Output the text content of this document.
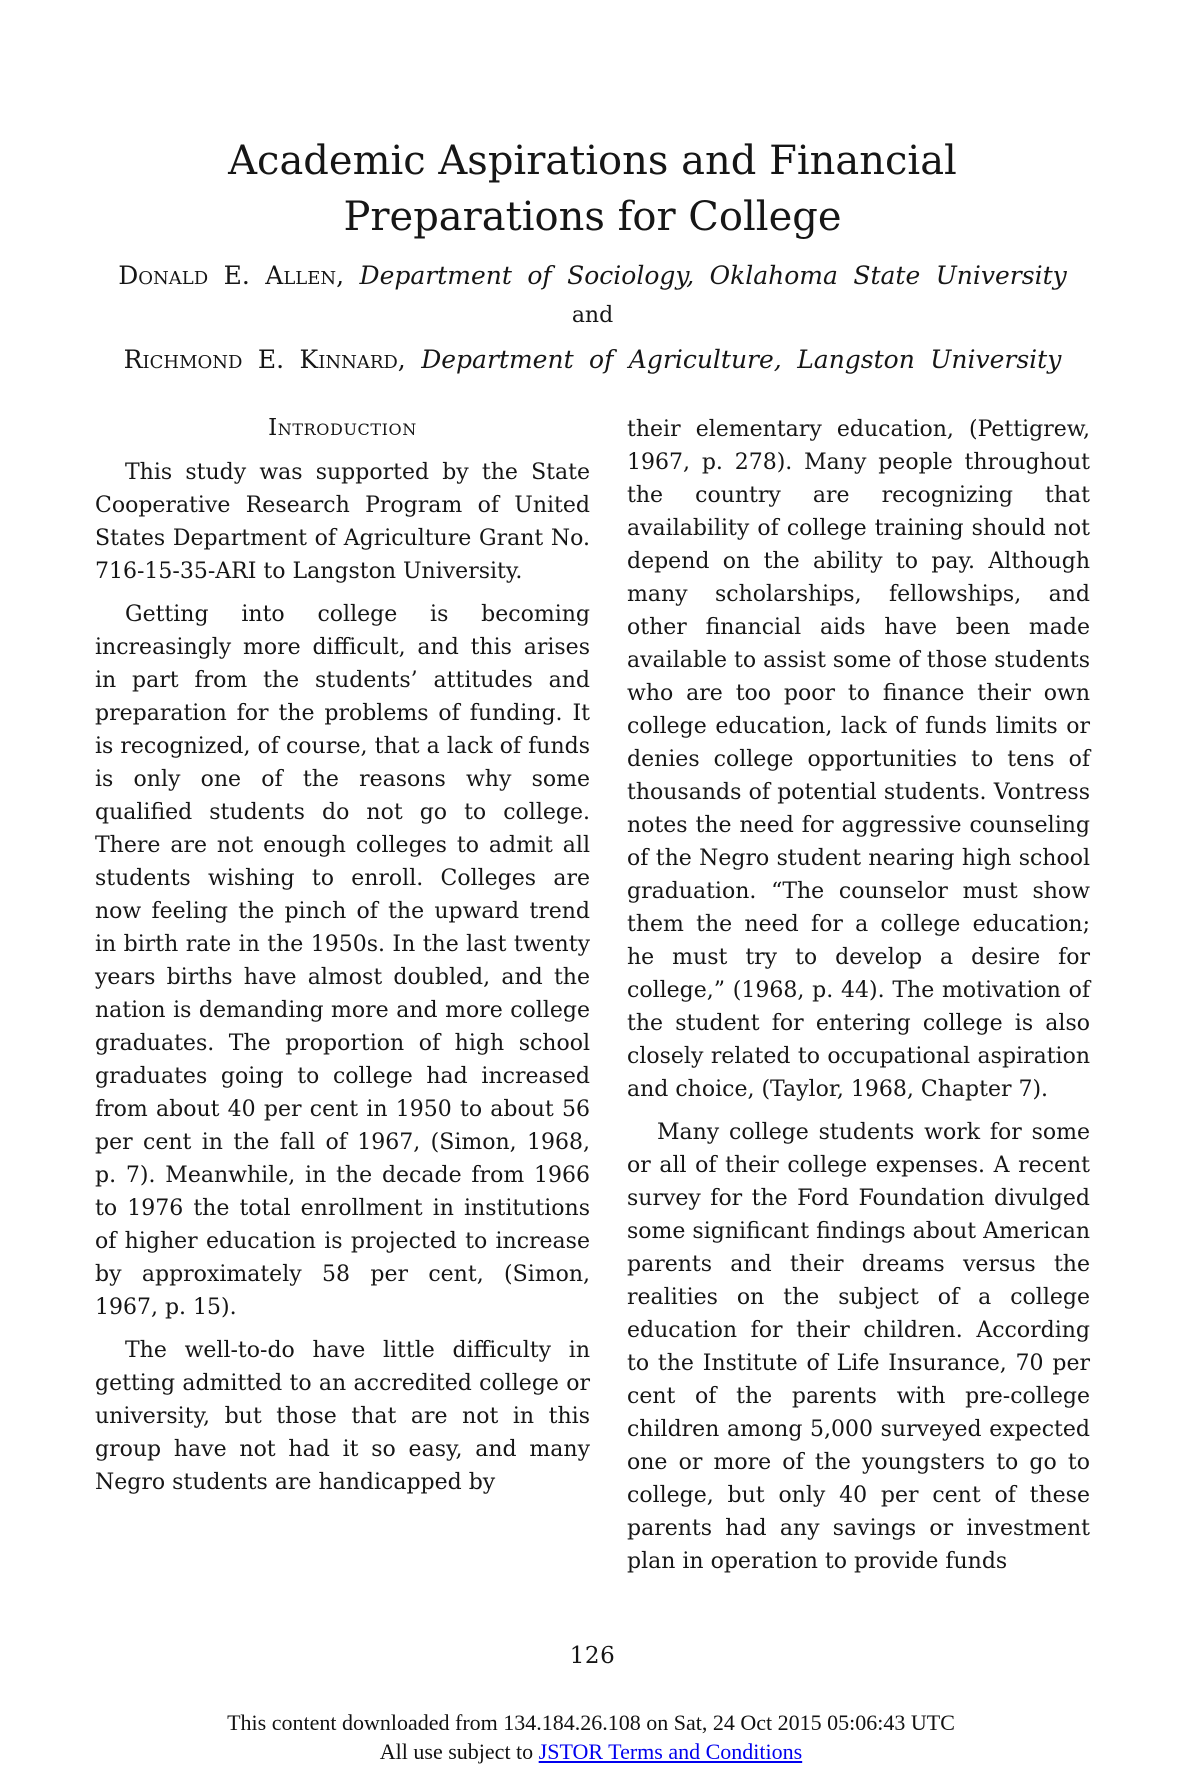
Academic Aspirations and Financial
Preparations for College
Donald E. Allen, Department of Sociology, Oklahoma State University
and
Richmond E. Kinnard, Department of Agriculture, Langston University
Introduction

This study was supported by the State Cooperative Research Program of United States Department of Agriculture Grant No. 716-15-35-ARI to Langston University.

Getting into college is becoming increasingly more difficult, and this arises in part from the students’ attitudes and preparation for the problems of funding. It is recognized, of course, that a lack of funds is only one of the reasons why some qualified students do not go to college. There are not enough colleges to admit all students wishing to enroll. Colleges are now feeling the pinch of the upward trend in birth rate in the 1950s. In the last twenty years births have almost doubled, and the nation is demanding more and more college graduates. The proportion of high school graduates going to college had increased from about 40 per cent in 1950 to about 56 per cent in the fall of 1967, (Simon, 1968, p. 7). Meanwhile, in the decade from 1966 to 1976 the total enrollment in institutions of higher education is projected to increase by approximately 58 per cent, (Simon, 1967, p. 15).

The well-to-do have little difficulty in getting admitted to an accredited college or university, but those that are not in this group have not had it so easy, and many Negro students are handicapped by

their elementary education, (Pettigrew, 1967, p. 278). Many people throughout the country are recognizing that availability of college training should not depend on the ability to pay. Although many scholarships, fellowships, and other financial aids have been made available to assist some of those students who are too poor to finance their own college education, lack of funds limits or denies college opportunities to tens of thousands of potential students. Vontress notes the need for aggressive counseling of the Negro student nearing high school graduation. “The counselor must show them the need for a college education; he must try to develop a desire for college,” (1968, p. 44). The motivation of the student for entering college is also closely related to occupational aspiration and choice, (Taylor, 1968, Chapter 7).

Many college students work for some or all of their college expenses. A recent survey for the Ford Foundation divulged some significant findings about American parents and their dreams versus the realities on the subject of a college education for their children. According to the Institute of Life Insurance, 70 per cent of the parents with pre-college children among 5,000 surveyed expected one or more of the youngsters to go to college, but only 40 per cent of these parents had any savings or investment plan in operation to provide funds

126
This content downloaded from 134.184.26.108 on Sat, 24 Oct 2015 05:06:43 UTC
All use subject to JSTOR Terms and Conditions
